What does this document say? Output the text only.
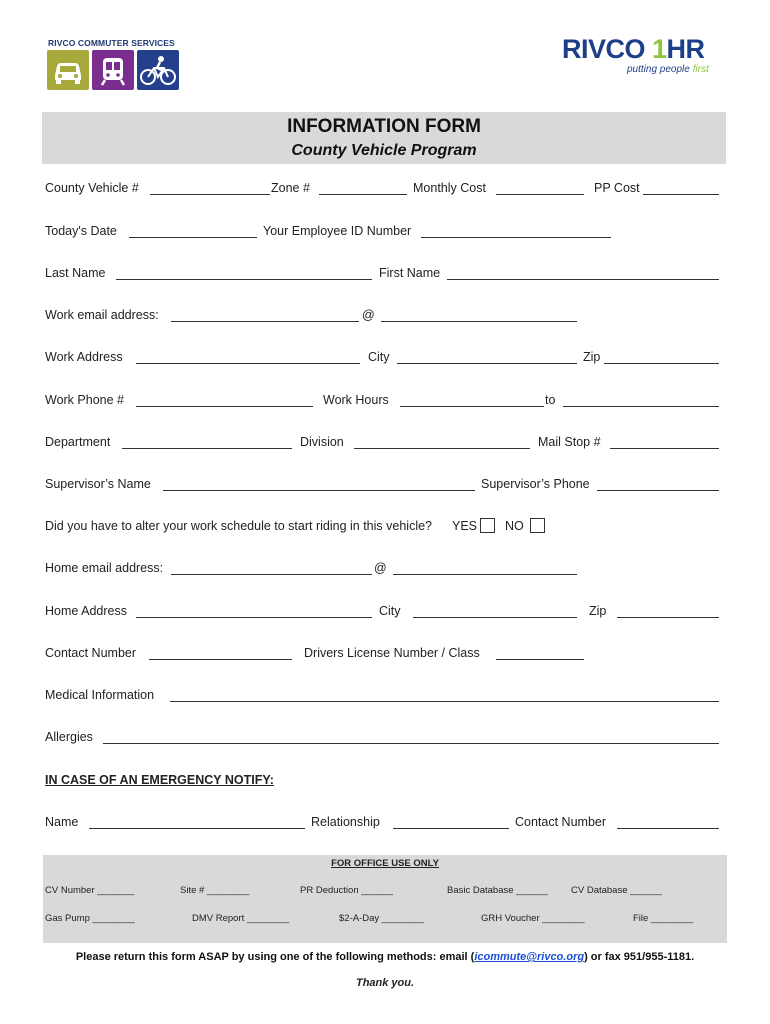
RIVCO COMMUTER SERVICES	RIVCO 1HR
putting people first
INFORMATION FORM
County Vehicle Program
County Vehicle #	Zone #	Monthly Cost	PP Cost
Today's Date	Your Employee ID Number
Last Name	First Name
Work email address:	@
Work Address	City	Zip
Work Phone #	Work Hours	to
Department	Division	Mail Stop #
Supervisor’s Name	Supervisor’s Phone
Did you have to alter your work schedule to start riding in this vehicle? YES NO
Home email address:	@
Home Address	City	Zip
Contact Number	Drivers License Number / Class
Medical Information
Allergies
IN CASE OF AN EMERGENCY NOTIFY:
Name	Relationship	Contact Number
FOR OFFICE USE ONLY
CV Number _______	Site # ________	PR Deduction ______	Basic Database ______ CV Database ______
Gas Pump ________	DMV Report ________	$2-A-Day ________	GRH Voucher ________	File ________
Please return this form ASAP by using one of the following methods: email (icommute@rivco.org) or fax 951/955-1181.
Thank you.
